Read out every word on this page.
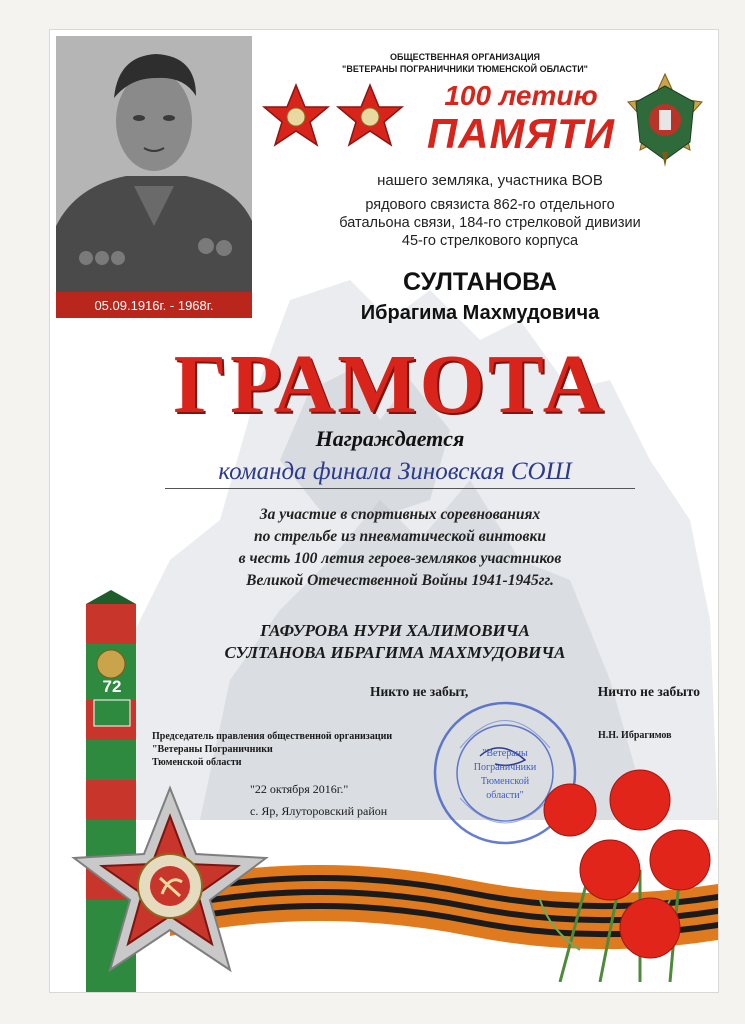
05.09.1916г. - 1968г.
ОБЩЕСТВЕННАЯ ОРГАНИЗАЦИЯ
"ВЕТЕРАНЫ ПОГРАНИЧНИКИ ТЮМЕНСКОЙ ОБЛАСТИ"
100 летию
ПАМЯТИ
нашего земляка, участника ВОВ
рядового связиста 862-го отдельного
батальона связи, 184-го стрелковой дивизии
45-го стрелкового корпуса
СУЛТАНОВА
Ибрагима Махмудовича
ГРАМОТА
Награждается
команда финала Зиновская СОШ
За участие в спортивных соревнованиях
по стрельбе из пневматической винтовки
в честь 100 летия героев-земляков участников
Великой Отечественной Войны 1941-1945гг.
ГАФУРОВА НУРИ ХАЛИМОВИЧА
СУЛТАНОВА ИБРАГИМА МАХМУДОВИЧА
Никто не забыт,	Ничто не забыто
72
Председатель правления общественной организации
"Ветераны Пограничники
Тюменской области
Н.Н. Ибрагимов
"Ветераны
Пограничники
Тюменской
области"
"22 октября 2016г."
с. Яр, Ялуторовский район
